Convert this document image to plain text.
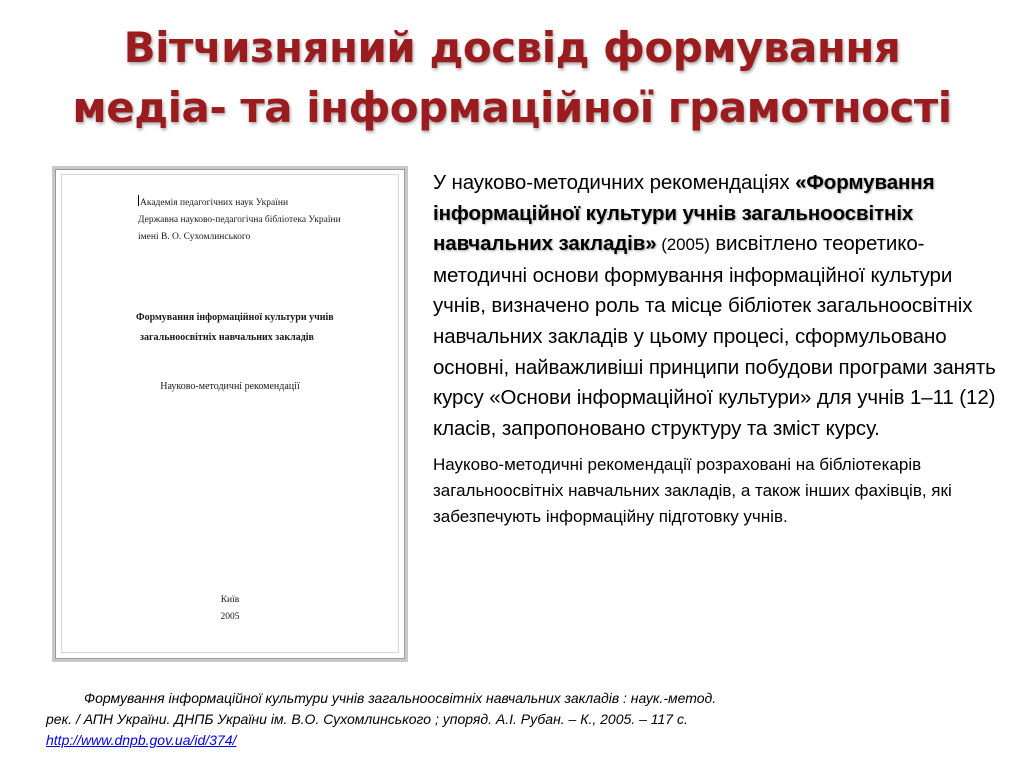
Вітчизняний досвід формування
медіа- та інформаційної грамотності
Академія педагогічних наук України
Державна науково-педагогічна бібліотека України
імені В. О. Сухомлинського
Формування інформаційної культури учнів
загальноосвітніх навчальних закладів
Науково-методичні рекомендації
Київ
2005

У науково-методичних рекомендаціях «Формування інформаційної культури учнів загальноосвітніх навчальних закладів» (2005) висвітлено теоретико-методичні основи формування інформаційної культури учнів, визначено роль та місце бібліотек загальноосвітніх навчальних закладів у цьому процесі, сформульовано основні, найважливіші принципи побудови програми занять курсу «Основи інформаційної культури» для учнів 1–11 (12) класів, запропоновано структуру та зміст курсу.

Науково-методичні рекомендації розраховані на бібліотекарів загальноосвітніх навчальних закладів, а також інших фахівців, які забезпечують інформаційну підготовку учнів.

Формування інформаційної культури учнів загальноосвітніх навчальних закладів : наук.-метод.
рек. / АПН України. ДНПБ України ім. В.О. Сухомлинського ; упоряд. А.І. Рубан. – К., 2005. – 117 с.
http://www.dnpb.gov.ua/id/374/
